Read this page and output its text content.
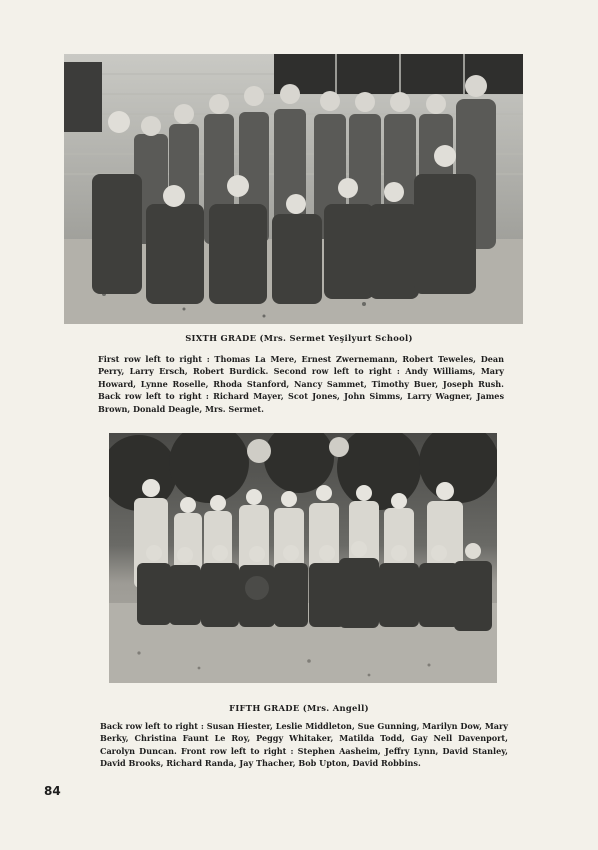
SIXTH GRADE (Mrs. Sermet Yeşilyurt School)
First row left to right : Thomas La Mere, Ernest Zwernemann, Robert Teweles, Dean Perry, Larry Ersch, Robert Burdick. Second row left to right : Andy Williams, Mary Howard, Lynne Roselle, Rhoda Stanford, Nancy Sammet, Timothy Buer, Joseph Rush. Back row left to right : Richard Mayer, Scot Jones, John Simms, Larry Wagner, James Brown, Donald Deagle, Mrs. Sermet.
FIFTH GRADE (Mrs. Angell)
Back row left to right : Susan Hiester, Leslie Middleton, Sue Gunning, Marilyn Dow, Mary Berky, Christina Faunt Le Roy, Peggy Whitaker, Matilda Todd, Gay Nell Davenport, Carolyn Duncan. Front row left to right : Stephen Aasheim, Jeffry Lynn, David Stanley, David Brooks, Richard Randa, Jay Thacher, Bob Upton, David Robbins.
84
